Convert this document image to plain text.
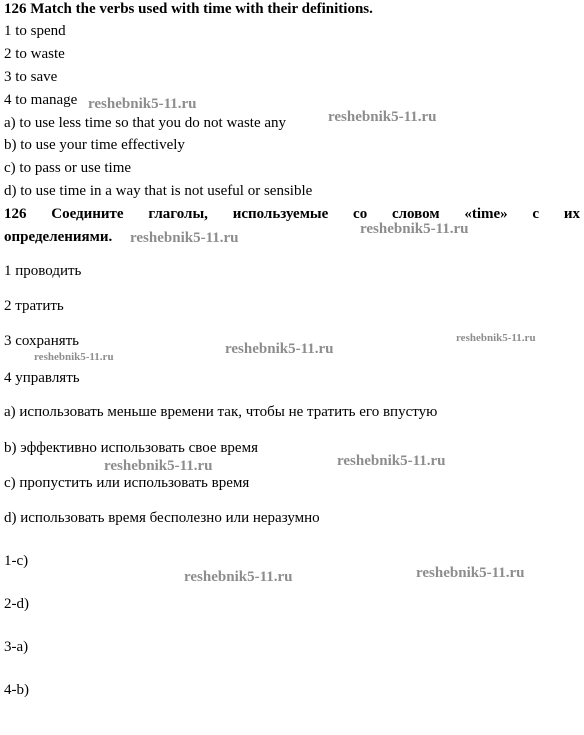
126 Match the verbs used with time with their definitions.
1 to spend
2 to waste
3 to save
4 to manage
a) to use less time so that you do not waste any
b) to use your time effectively
c) to pass or use time
d) to use time in a way that is not useful or sensible
126 Соедините глаголы, используемые со словом «time» с их
определениями.
1 проводить
2 тратить
3 сохранять
4 управлять
a) использовать меньше времени так, чтобы не тратить его впустую
b) эффективно использовать свое время
c) пропустить или использовать время
d) использовать время бесполезно или неразумно
1-c)
2-d)
3-a)
4-b)
reshebnik5-11.ru
reshebnik5-11.ru
reshebnik5-11.ru
reshebnik5-11.ru
reshebnik5-11.ru
reshebnik5-11.ru
reshebnik5-11.ru
reshebnik5-11.ru	reshebnik5-11.ru
reshebnik5-11.ru	reshebnik5-11.ru
